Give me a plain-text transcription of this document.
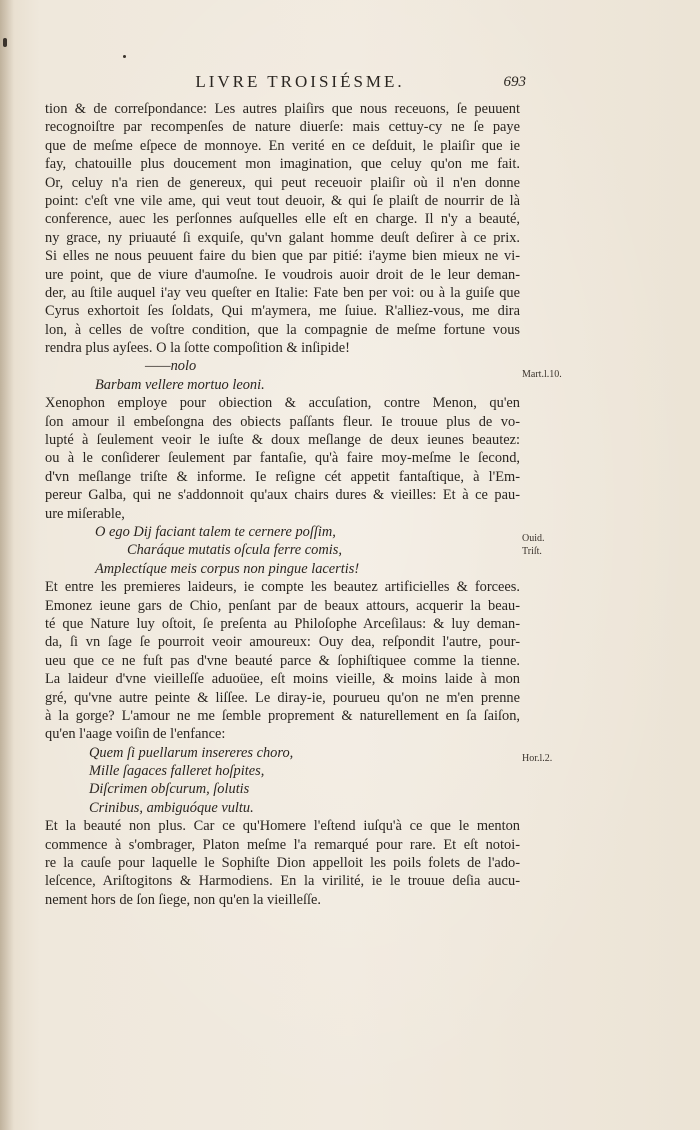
LIVRE TROISIÉSME.	693
tion & de correſpondance: Les autres plaiſirs que nous receuons, ſe peuuent
recognoiſtre par recompenſes de nature diuerſe: mais cettuy-cy ne ſe paye
que de meſme eſpece de monnoye. En verité en ce deſduit, le plaiſir que ie
fay, chatouille plus doucement mon imagination, que celuy qu'on me fait.
Or, celuy n'a rien de genereux, qui peut receuoir plaiſir où il n'en donne
point: c'eſt vne vile ame, qui veut tout deuoir, & qui ſe plaiſt de nourrir de là
conference, auec les perſonnes auſquelles elle eſt en charge. Il n'y a beauté,
ny grace, ny priuauté ſi exquiſe, qu'vn galant homme deuſt deſirer à ce prix.
Si elles ne nous peuuent faire du bien que par pitié: i'ayme bien mieux ne vi-
ure point, que de viure d'aumoſne. Ie voudrois auoir droit de le leur deman-
der, au ſtile auquel i'ay veu queſter en Italie: Fate ben per voi: ou à la guiſe que
Cyrus exhortoit ſes ſoldats, Qui m'aymera, me ſuiue. R'alliez-vous, me dira
lon, à celles de voſtre condition, que la compagnie de meſme fortune vous
rendra plus ayſees. O la ſotte compoſition & inſipide!
——nolo
Barbam vellere mortuo leoni.
Xenophon employe pour obiection & accuſation, contre Menon, qu'en
ſon amour il embeſongna des obiects paſſants fleur. Ie trouue plus de vo-
lupté à ſeulement veoir le iuſte & doux meſlange de deux ieunes beautez:
ou à le conſiderer ſeulement par fantaſie, qu'à faire moy-meſme le ſecond,
d'vn meſlange triſte & informe. Ie reſigne cét appetit fantaſtique, à l'Em-
pereur Galba, qui ne s'addonnoit qu'aux chairs dures & vieilles: Et à ce pau-
ure miſerable,
O ego Dij faciant talem te cernere poſſim,
Charáque mutatis oſcula ferre comis,
Amplectíque meis corpus non pingue lacertis!
Et entre les premieres laideurs, ie compte les beautez artificielles & forcees.
Emonez ieune gars de Chio, penſant par de beaux attours, acquerir la beau-
té que Nature luy oſtoit, ſe preſenta au Philoſophe Arceſilaus: & luy deman-
da, ſi vn ſage ſe pourroit veoir amoureux: Ouy dea, reſpondit l'autre, pour-
ueu que ce ne fuſt pas d'vne beauté parce & ſophiſtiquee comme la tienne.
La laideur d'vne vieilleſſe aduoüee, eſt moins vieille, & moins laide à mon
gré, qu'vne autre peinte & liſſee. Le diray-ie, pourueu qu'on ne m'en prenne
à la gorge? L'amour ne me ſemble proprement & naturellement en ſa ſaiſon,
qu'en l'aage voiſin de l'enfance:
Quem ſi puellarum insereres choro,
Mille ſagaces falleret hoſpites,
Diſcrimen obſcurum, ſolutis
Crinibus, ambiguóque vultu.
Et la beauté non plus. Car ce qu'Homere l'eſtend iuſqu'à ce que le menton
commence à s'ombrager, Platon meſme l'a remarqué pour rare. Et eſt notoi-
re la cauſe pour laquelle le Sophiſte Dion appelloit les poils folets de l'ado-
leſcence, Ariſtogitons & Harmodiens. En la virilité, ie le trouue deſia aucu-
nement hors de ſon ſiege, non qu'en la vieilleſſe.
Mart.l.10.
Ouid.
Triſt.
Hor.l.2.
